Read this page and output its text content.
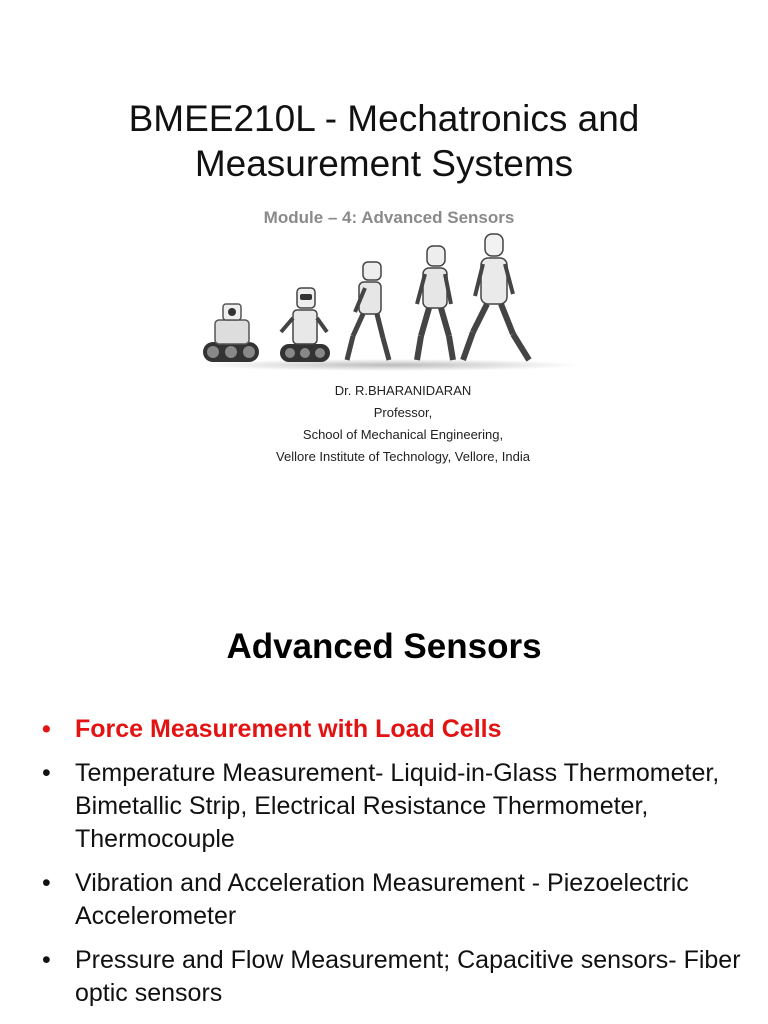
BMEE210L - Mechatronics and
Measurement Systems
Module – 4: Advanced Sensors
Dr. R.BHARANIDARAN
Professor,
School of Mechanical Engineering,
Vellore Institute of Technology, Vellore, India
Advanced Sensors
• Force Measurement with Load Cells
• Temperature Measurement- Liquid-in-Glass Thermometer, Bimetallic Strip, Electrical Resistance Thermometer, Thermocouple
• Vibration and Acceleration Measurement - Piezoelectric Accelerometer
• Pressure and Flow Measurement; Capacitive sensors- Fiber optic sensors
